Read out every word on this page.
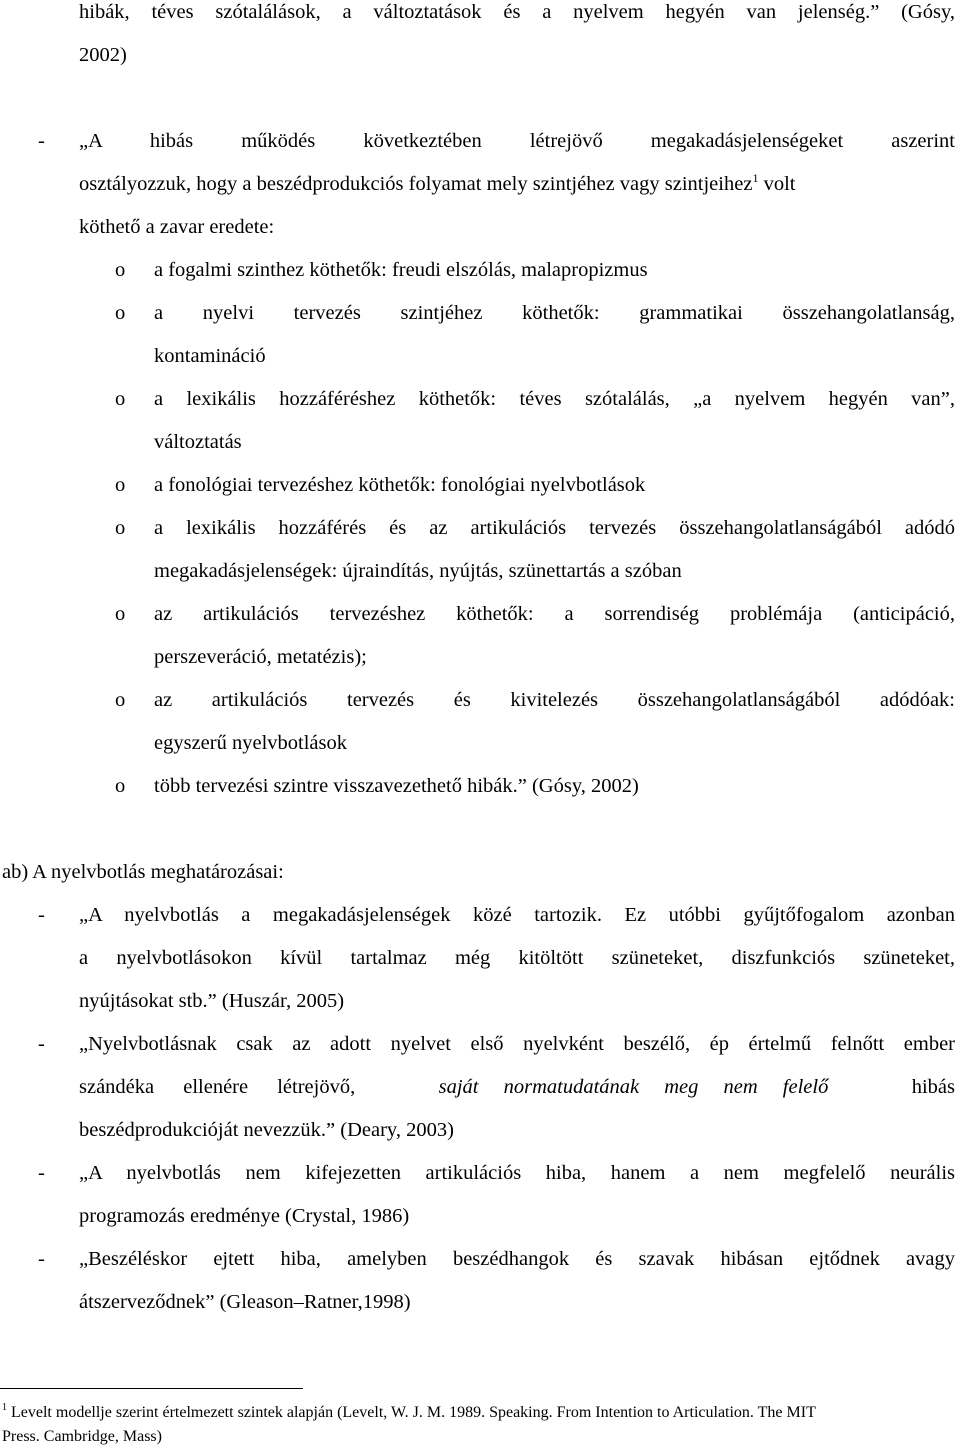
hibák, téves szótalálások, a változtatások és a nyelvem hegyén van jelenség.” (Gósy,
2002)
- „A hibás működés következtében létrejövő megakadásjelenségeket aszerint
osztályozzuk, hogy a beszédprodukciós folyamat mely szintjéhez vagy szintjeihez$^1$ volt
köthető a zavar eredete:
o a fogalmi szinthez köthetők: freudi elszólás, malapropizmus
o a nyelvi tervezés szintjéhez köthetők: grammatikai összehangolatlanság,
kontamináció
o a lexikális hozzáféréshez köthetők: téves szótalálás, „a nyelvem hegyén van”,
változtatás
o a fonológiai tervezéshez köthetők: fonológiai nyelvbotlások
o a lexikális hozzáférés és az artikulációs tervezés összehangolatlanságából adódó
megakadásjelenségek: újraindítás, nyújtás, szünettartás a szóban
o az artikulációs tervezéshez köthetők: a sorrendiség problémája (anticipáció,
perszeveráció, metatézis);
o az artikulációs tervezés és kivitelezés összehangolatlanságából adódóak:
egyszerű nyelvbotlások
o több tervezési szintre visszavezethető hibák.” (Gósy, 2002)
ab) A nyelvbotlás meghatározásai:
- „A nyelvbotlás a megakadásjelenségek közé tartozik. Ez utóbbi gyűjtőfogalom azonban
a nyelvbotlásokon kívül tartalmaz még kitöltött szüneteket, diszfunkciós szüneteket,
nyújtásokat stb.” (Huszár, 2005)
- „Nyelvbotlásnak csak az adott nyelvet első nyelvként beszélő, ép értelmű felnőtt ember
szándéka ellenére létrejövő,	saját normatudatának meg nem felelő	hibás
beszédprodukcióját nevezzük.” (Deary, 2003)
- „A nyelvbotlás nem kifejezetten artikulációs hiba, hanem a nem megfelelő neurális
programozás eredménye (Crystal, 1986)
- „Beszéléskor ejtett hiba, amelyben beszédhangok és szavak hibásan ejtődnek avagy
átszerveződnek” (Gleason–Ratner,1998)
$^1$ Levelt modellje szerint értelmezett szintek alapján (Levelt, W. J. M. 1989. Speaking. From Intention to Articulation. The MIT
Press. Cambridge, Mass)
